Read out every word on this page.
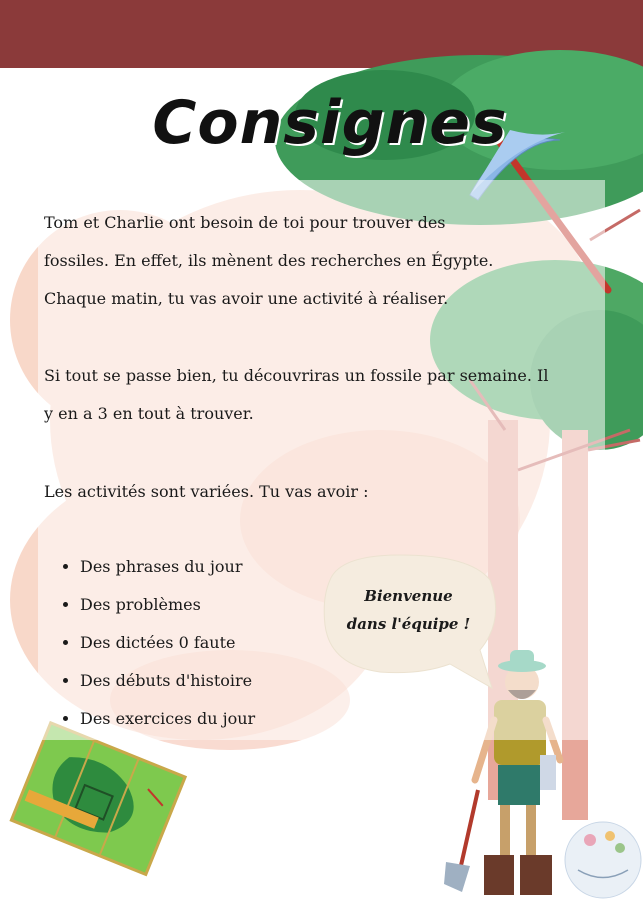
Consignes
Tom et Charlie ont besoin de toi pour trouver des
fossiles. En effet, ils mènent des recherches en Égypte.
Chaque matin, tu vas avoir une activité à réaliser.
Si tout se passe bien, tu découvriras un fossile par semaine. Il
y en a 3 en tout à trouver.
Les activités sont variées. Tu vas avoir :
• Des phrases du jour
• Des problèmes
• Des dictées 0 faute
• Des débuts d'histoire
• Des exercices du jour
Bienvenue
dans l'équipe !
